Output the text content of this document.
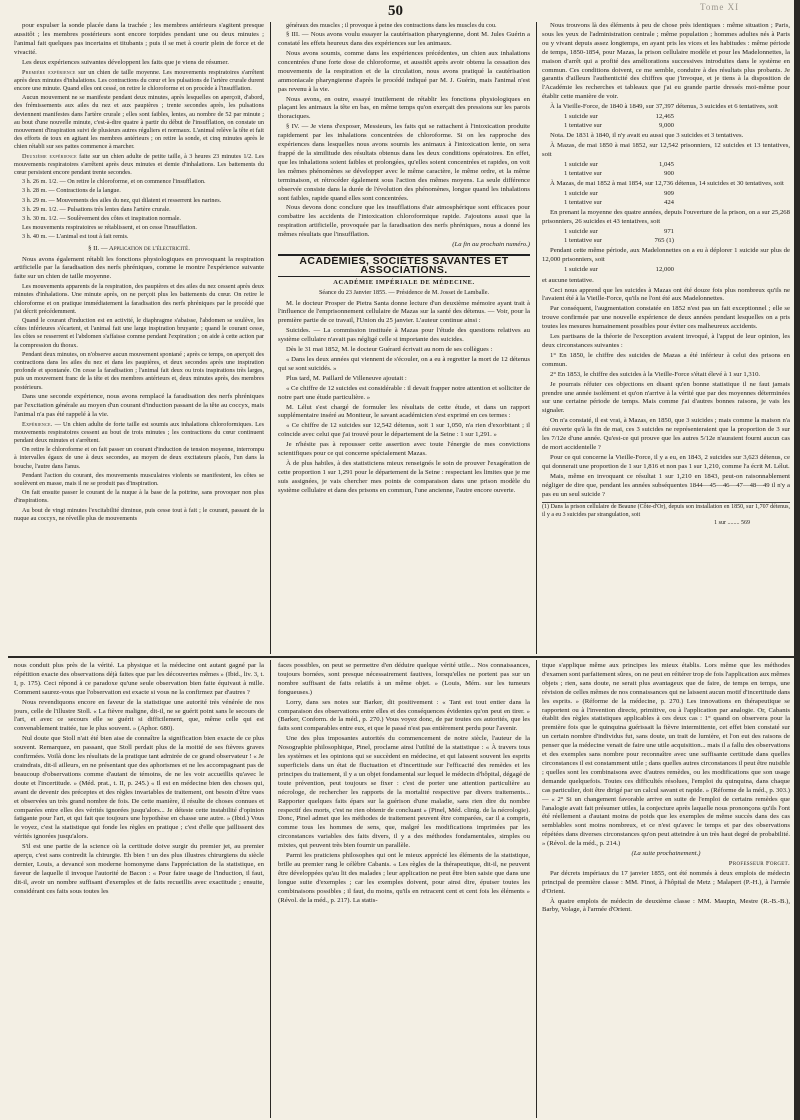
50	Tome XI

pour expulser la sonde placée dans la trachée ; les membres antérieurs s'agitent presque aussitôt ; les membres postérieurs sont encore torpides pendant une ou deux minutes ; l'animal fait quelques pas incertains et titubants ; puis il se met à courir plein de force et de vivacité.

Les deux expériences suivantes développent les faits que je viens de résumer.

Première expérience sur un chien de taille moyenne. Les mouvements respiratoires s'arrêtent après deux minutes d'inhalations. Les contractions du cœur et les pulsations de l'artère crurale durent encore une minute. Quand elles ont cessé, on retire le chloroforme et on procède à l'insufflation.

Aucun mouvement ne se manifeste pendant deux minutes, après lesquelles on aperçoit, d'abord, des frémissements aux ailes du nez et aux paupières ; trente secondes après, les pulsations deviennent manifestes dans l'artère crurale ; elles sont faibles, lentes, au nombre de 52 par minute ; au bout d'une nouvelle minute, c'est-à-dire quatre à partir du début de l'insufflation, on constate un mouvement d'inspiration suivi de plusieurs autres réguliers et normaux. L'animal relève la tête et fait des efforts de toux en agitant les membres antérieurs ; on retire la sonde, et cinq minutes après le chien rétabli sur ses pattes commence à marcher.

Deuxième expérience faite sur un chien adulte de petite taille, à 3 heures 23 minutes 1/2. Les mouvements respiratoires s'arrêtent après deux minutes et demie d'inhalations. Les battements du cœur persistent encore pendant trente secondes.

3 h. 26 m. 1/2. — On retire le chloroforme, et on commence l'insufflation.

3 h. 28 m. — Contractions de la langue.

3 h. 29 m. — Mouvements des ailes du nez, qui dilatent et resserrent les narines.

3 h. 29 m. 1/2. — Pulsations très lentes dans l'artère crurale.

3 h. 30 m. 1/2. — Soulèvement des côtes et inspiration normale.

Les mouvements respiratoires se rétablissent, et on cesse l'insufflation.

3 h. 40 m. — L'animal est tout à fait remis.

§ II. — Application de l'électricité.

Nous avons également rétabli les fonctions physiologiques en provoquant la respiration artificielle par la faradisation des nerfs phréniques, comme le montre l'expérience suivante faite sur un chien de taille moyenne.

Les mouvements apparents de la respiration, des paupières et des ailes du nez cessent après deux minutes d'inhalations. Une minute après, on ne perçoit plus les battements du cœur. On retire le chloroforme et on pratique immédiatement la faradisation des nerfs phréniques par le procédé que j'ai décrit précédemment.

Quand le courant d'induction est en activité, le diaphragme s'abaisse, l'abdomen se soulève, les côtes inférieures s'écartent, et l'animal fait une large inspiration bruyante ; quand le courant cesse, les côtes se resserrent et l'abdomen s'affaisse comme pendant l'expiration ; on aide à cette action par la compression du thorax.

Pendant deux minutes, on n'observe aucun mouvement spontané ; après ce temps, on aperçoit des contractions dans les ailes du nez et dans les paupières, et deux secondes après une inspiration profonde et spontanée. On cesse la faradisation ; l'animal fait deux ou trois inspirations très larges, puis un mouvement franc de la tête et des membres antérieurs et, deux minutes après, des membres postérieurs.

Dans une seconde expérience, nous avons remplacé la faradisation des nerfs phréniques par l'excitation générale au moyen d'un courant d'induction passant de la tête au coccyx, mais l'animal n'a pas été rappelé à la vie.

Expérience. — Un chien adulte de forte taille est soumis aux inhalations chloroformiques. Les mouvements respiratoires cessent au bout de trois minutes ; les contractions du cœur continuent pendant deux minutes et s'arrêtent.

On retire le chloroforme et on fait passer un courant d'induction de tension moyenne, interrompu à intervalles égaux de une à deux secondes, au moyen de deux excitateurs placés, l'un dans la bouche, l'autre dans l'anus.

Pendant l'action du courant, des mouvements musculaires violents se manifestent, les côtes se soulèvent en masse, mais il ne se produit pas d'inspiration.

On fait ensuite passer le courant de la nuque à la base de la poitrine, sans provoquer non plus d'inspirations.

Au bout de vingt minutes l'excitabilité diminue, puis cesse tout à fait ; le courant, passant de la nuque au coccyx, ne réveille plus de mouvements

généraux des muscles ; il provoque à peine des contractions dans les muscles du cou.

§ III. — Nous avons voulu essayer la cautérisation pharyngienne, dont M. Jules Guérin a constaté les effets heureux dans des expériences sur les animaux.

Nous avons soumis, comme dans les expériences précédentes, un chien aux inhalations concentrées d'une forte dose de chloroforme, et aussitôt après avoir obtenu la cessation des mouvements de la respiration et de la circulation, nous avons pratiqué la cautérisation ammoniacale pharyngienne d'après le procédé indiqué par M. J. Guérin, mais l'animal n'est pas revenu à la vie.

Nous avons, en outre, essayé inutilement de rétablir les fonctions physiologiques en plaçant les animaux la tête en bas, en même temps qu'on exerçait des pressions sur les parois thoraciques.

§ IV. — Je viens d'exposer, Messieurs, les faits qui se rattachent à l'intoxication produite rapidement par les inhalations concentrées de chloroforme. Si on les rapproche des expériences dans lesquelles nous avons soumis les animaux à l'intoxication lente, on sera frappé de la similitude des résultats obtenus dans les deux conditions opératoires. En effet, que les inhalations soient faibles et prolongées, qu'elles soient concentrées et rapides, on voit les mêmes phénomènes se développer avec le même caractère, le même ordre, et la même terminaison, et rétrocéder également sous l'action des mêmes moyens. La seule différence observée consiste dans la durée de l'évolution des phénomènes, longue quand les inhalations sont faibles, rapide quand elles sont concentrées.

Nous devons donc conclure que les insufflations d'air atmosphérique sont efficaces pour combattre les accidents de l'intoxication chloroformique rapide. J'ajoutons aussi que la respiration artificielle, provoquée par la faradisation des nerfs phréniques, nous a donné les mêmes résultats que l'insufflation.

(La fin au prochain numéro.)

ACADÉMIES, SOCIÉTÉS SAVANTES ET ASSOCIATIONS.
ACADÉMIE IMPÉRIALE DE MÉDECINE.
Séance du 23 Janvier 1855. — Présidence de M. Josset de Lamballe.

M. le docteur Prosper de Pietra Santa donne lecture d'un deuxième mémoire ayant trait à l'influence de l'emprisonnement cellulaire de Mazas sur la santé des détenus. — Voir, pour la première partie de ce travail, l'Union du 25 janvier. L'auteur continue ainsi :

Suicides. — La commission instituée à Mazas pour l'étude des questions relatives au système cellulaire n'avait pas négligé celle si importante des suicides.

Dès le 31 mai 1852, M. le docteur Guérard écrivait au nom de ses collègues :

« Dans les deux années qui viennent de s'écouler, on a eu à regretter la mort de 12 détenus qui se sont suicidés. »

Plus tard, M. Paillard de Villeneuve ajoutait :

« Ce chiffre de 12 suicides est considérable : il devait frapper notre attention et solliciter de notre part une étude particulière. »

M. Lélut s'est chargé de formuler les résultats de cette étude, et dans un rapport supplémentaire inséré au Moniteur, le savant académicien s'est exprimé en ces termes :

« Ce chiffre de 12 suicides sur 12,542 détenus, soit 1 sur 1,050, n'a rien d'exorbitant ; il coïncide avec celui que j'ai trouvé pour le département de la Seine : 1 sur 1,291. »

Je n'hésite pas à repousser cette assertion avec toute l'énergie de mes convictions scientifiques pour ce qui concerne spécialement Mazas.

À de plus habiles, à des statisticiens mieux renseignés le soin de prouver l'exagération de cette proportion 1 sur 1,291 pour le département de la Seine : respectant les limites que je me suis assignées, je vais chercher mes points de comparaison dans une prison modèle du système cellulaire et dans des prisons en commun, l'une ancienne, l'autre encore ouverte.

Nous trouvons là des éléments à peu de chose près identiques : même situation ; Paris, sous les yeux de l'administration centrale ; même population ; hommes adultes nés à Paris ou y vivant depuis assez longtemps, en ayant pris les vices et les habitudes : même période de temps, 1850-1854, pour Mazas, la prison cellulaire modèle et pour les Madelonnettes, la maison d'arrêt qui a profité des améliorations successives introduites dans le système en commun. Ces conditions doivent, ce me semble, conduire à des résultats plus probants. Je garantis d'ailleurs l'authenticité des chiffres que j'invoque, et je tiens à la disposition de l'Académie les recherches et tableaux que j'ai eu grande partie dressés moi-même pour établir cette manière de voir.

À la Vieille-Force, de 1840 à 1849, sur 37,397 détenus, 3 suicides et 6 tentatives, soit

1 suicide sur	12,465
1 tentative sur	9,000

Nota. De 1831 à 1840, il n'y avait eu aussi que 3 suicides et 3 tentatives.

À Mazas, de mai 1850 à mai 1852, sur 12,542 prisonniers, 12 suicides et 13 tentatives, soit

1 suicide sur	1,045
1 tentative sur	900

À Mazas, de mai 1852 à mai 1854, sur 12,736 détenus, 14 suicides et 30 tentatives, soit

1 suicide sur	909
1 tentative sur	424

En prenant la moyenne des quatre années, depuis l'ouverture de la prison, on a sur 25,268 prisonniers, 26 suicides et 43 tentatives, soit

1 suicide sur	971
1 tentative sur	765 (1)

Pendant cette même période, aux Madelonnettes on a eu à déplorer 1 suicide sur plus de 12,000 prisonniers, soit

1 suicide sur	12,000

et aucune tentative.

Ceci nous apprend que les suicides à Mazas ont été douze fois plus nombreux qu'ils ne l'avaient été à la Vieille-Force, qu'ils ne l'ont été aux Madelonnettes.

Par conséquent, l'augmentation constatée en 1852 n'est pas un fait exceptionnel ; elle se trouve confirmée par une nouvelle expérience de deux années pendant lesquelles on a pris toutes les mesures humainement possibles pour éviter ces malheureux accidents.

Les partisans de la théorie de l'exception avaient invoqué, à l'appui de leur opinion, les deux circonstances suivantes :

1° En 1850, le chiffre des suicides de Mazas a été inférieur à celui des prisons en commun.

2° En 1853, le chiffre des suicides à la Vieille-Force s'était élevé à 1 sur 1,310.

Je pourrais réfuter ces objections en disant qu'en bonne statistique il ne faut jamais prendre une année isolément et qu'on n'arrive à la vérité que par des moyennes déterminées sur une certaine période de temps. Mais comme j'ai d'autres bonnes raisons, je vais les signaler.

On n'a constaté, il est vrai, à Mazas, en 1850, que 3 suicides ; mais comme la maison n'a été ouverte qu'à la fin de mai, ces 3 suicides ne représenteraient que la proportion de 3 sur les 7/12e d'une année. Qu'est-ce qui prouve que les autres 5/12e n'auraient fourni aucun cas de mort accidentelle ?

Pour ce qui concerne la Vieille-Force, il y a eu, en 1843, 2 suicides sur 3,623 détenus, ce qui donnerait une proportion de 1 sur 1,816 et non pas 1 sur 1,210, comme l'a écrit M. Lélut.

Mais, même en invoquant ce résultat 1 sur 1,210 en 1843, peut-on raisonnablement négliger de dire que, pendant les années subséquentes 1844—45—46—47—48—49 il n'y a pas eu un seul suicide ?

(1) Dans la prison cellulaire de Beaune (Côte-d'Or), depuis son installation en 1850, sur 1,707 détenus, il y a eu 3 suicides par strangulation, soit
1 sur ........ 569

nous conduit plus près de la vérité. La physique et la médecine ont autant gagné par la répétition exacte des observations déjà faites que par les découvertes mêmes » (Ibid., liv. 3, t. I, p. 175). Ceci répond à ce paradoxe qu'une seule observation bien faite équivaut à mille. Comment saurez-vous que l'observation est exacte si vous ne la confirmez par d'autres ?

Nous revendiquons encore en faveur de la statistique une autorité très vénérée de nos jours, celle de l'illustre Stoll. « La fièvre maligne, dit-il, ne se guérit point sans le secours de l'art, et avec ce secours elle se guérit si difficilement, que, même celle qui est convenablement traitée, tue le plus souvent. » (Aphor. 680).

Nul doute que Stoll n'ait été bien aise de connaître la signification bien exacte de ce plus souvent. Remarquez, en passant, que Stoll perdait plus de la moitié de ses fièvres graves confirmées. Voilà donc les résultats de la pratique tant admirée de ce grand observateur ! « Je craindrais, dit-il ailleurs, en ne présentant que des aphorismes et ne les accompagnant pas de beaucoup d'observations comme d'autant de témoins, de ne les voir accueillis qu'avec le doute et l'incertitude. » (Méd. prat., t. II, p. 245.) « Il est en médecine bien des choses qui, avant de devenir des préceptes et des règles invariables de traitement, ont besoin d'être vues et observées un très grand nombre de fois. De cette manière, il résulte de choses connues et comparées entre elles des vérités ignorées jusqu'alors... Je déteste cette instabilité d'opinion fatigante pour l'art, et qui fait que toujours une hypothèse en chasse une autre. » (Ibid.) Vous le voyez, c'est la statistique qui fonde les règles en pratique ; c'est d'elle que jaillissent des vérités ignorées jusqu'alors.

S'il est une partie de la science où la certitude doive surgir du premier jet, au premier aperçu, c'est sans contredit la chirurgie. Eh bien ! un des plus illustres chirurgiens du siècle dernier, Louis, a devancé son moderne homonyme dans l'appréciation de la statistique, en faveur de laquelle il invoque l'autorité de Bacon : « Pour faire usage de l'induction, il faut, dit-il, avoir un nombre suffisant d'exemples et de faits recueillis avec exactitude ; ensuite, considérant ces faits sous toutes les

faces possibles, on peut se permettre d'en déduire quelque vérité utile... Nos connaissances, toujours bornées, sont presque nécessairement fautives, lorsqu'elles ne portent pas sur un nombre suffisant de faits relatifs à un même objet. » (Louis, Mém. sur les tumeurs fongueuses.)

Lorry, dans ses notes sur Barker, dit positivement : « Tant est tout entier dans la comparaison des observations entre elles et des conséquences évidentes qu'on peut en tirer. » (Barker, Conform. de la méd., p. 270.) Vous voyez donc, de par toutes ces autorités, que les faits sont comparables entre eux, et que le passé n'est pas entièrement perdu pour l'avenir.

Une des plus imposantes autorités du commencement de notre siècle, l'auteur de la Nosographie philosophique, Pinel, proclame ainsi l'utilité de la statistique : « À travers tous les systèmes et les opinions qui se succèdent en médecine, et qui laissent souvent les esprits superficiels dans un état de fluctuation et d'incertitude sur l'efficacité des remèdes et les principes du traitement, il y a un objet fondamental sur lequel le médecin d'hôpital, dégagé de toute prévention, peut toujours se fixer : c'est de porter une attention particulière au nécrologe, de rechercher les rapports de la mortalité respective par divers traitements... Rapporter quelques faits épars sur la guérison d'une maladie, sans rien dire du nombre respectif des morts, c'est ne rien obtenir de concluant » (Pinel, Méd. clinig. de la nécrologie). Donc, Pinel admet que les méthodes de traitement peuvent être comparées, car il a compris, comme tous les hommes de sens, que, malgré les modifications imprimées par les circonstances variables des faits divers, il y a des méthodes fondamentales, simples ou mixtes, qui peuvent très bien fournir un parallèle.

Parmi les praticiens philosophes qui ont le mieux apprécié les éléments de la statistique, brille au premier rang le célèbre Cabanis. « Les règles de la thérapeutique, dit-il, ne peuvent être développées qu'au lit des malades ; leur application ne peut être bien saisie que dans une longue suite d'exemples ; car les exemples doivent, pour ainsi dire, épuiser toutes les combinaisons possibles ; il faut, du moins, qu'ils en retracent cent et cent fois les éléments » (Révol. de la méd., p. 217). La statis-

tique s'applique même aux principes les mieux établis. Lors même que les méthodes d'examen sont parfaitement sûres, on ne peut en réitérer trop de fois l'application aux mêmes objets ; rien, sans doute, ne serait plus avantageux que de faire, de temps en temps, une révision de celles mêmes de nos connaissances qui ne laissent aucun motif d'incertitude dans les esprits. » (Réforme de la médecine, p. 270.) Les innovations en thérapeutique se rapportent ou à l'invention directe, primitive, ou à l'application par analogie. Or, Cabanis établit des règles statistiques applicables à ces deux cas : 1° quand on observera pour la première fois que le quinquina guérissait la fièvre intermittente, cet effet bien constaté sur un certain nombre d'individus fut, sans doute, un trait de lumière, et l'on eut des raisons de penser que la médecine venait de faire une utile acquisition... mais il a fallu des observations et des exemples sans nombre pour reconnaître avec une suffisante certitude dans quelles circonstances il est constamment utile ; dans quelles autres circonstances il peut être nuisible ; quelles sont les combinaisons avec d'autres remèdes, ou les modifications que son usage demande quelquefois. Toutes ces difficultés résolues, l'emploi du quinquina, dans chaque cas particulier, doit être dirigé par un calcul savant et rapide. » (Réforme de la méd., p. 303.) — « 2° Si un changement favorable arrive en suite de l'emploi de certains remèdes que l'analogie avait fait présumer utiles, la conjecture après laquelle nous prononçons qu'ils l'ont été réellement a d'autant moins de poids que les exemples de même succès dans des cas semblables sont moins nombreux, et ce n'est qu'avec le temps et par des observations répétées dans diverses circonstances qu'on peut atteindre à un très haut degré de probabilité. » (Révol. de la méd., p. 214.)

(La suite prochainement.)

Professeur Forget.

Par décrets impériaux du 17 janvier 1855, ont été nommés à deux emplois de médecin principal de première classe : MM. Finot, à l'hôpital de Metz ; Malapert (P.-H.), à l'armée d'Orient.

À quatre emplois de médecin de deuxième classe : MM. Maupin, Mestre (R.-B.-B.), Barby, Volage, à l'armée d'Orient.
